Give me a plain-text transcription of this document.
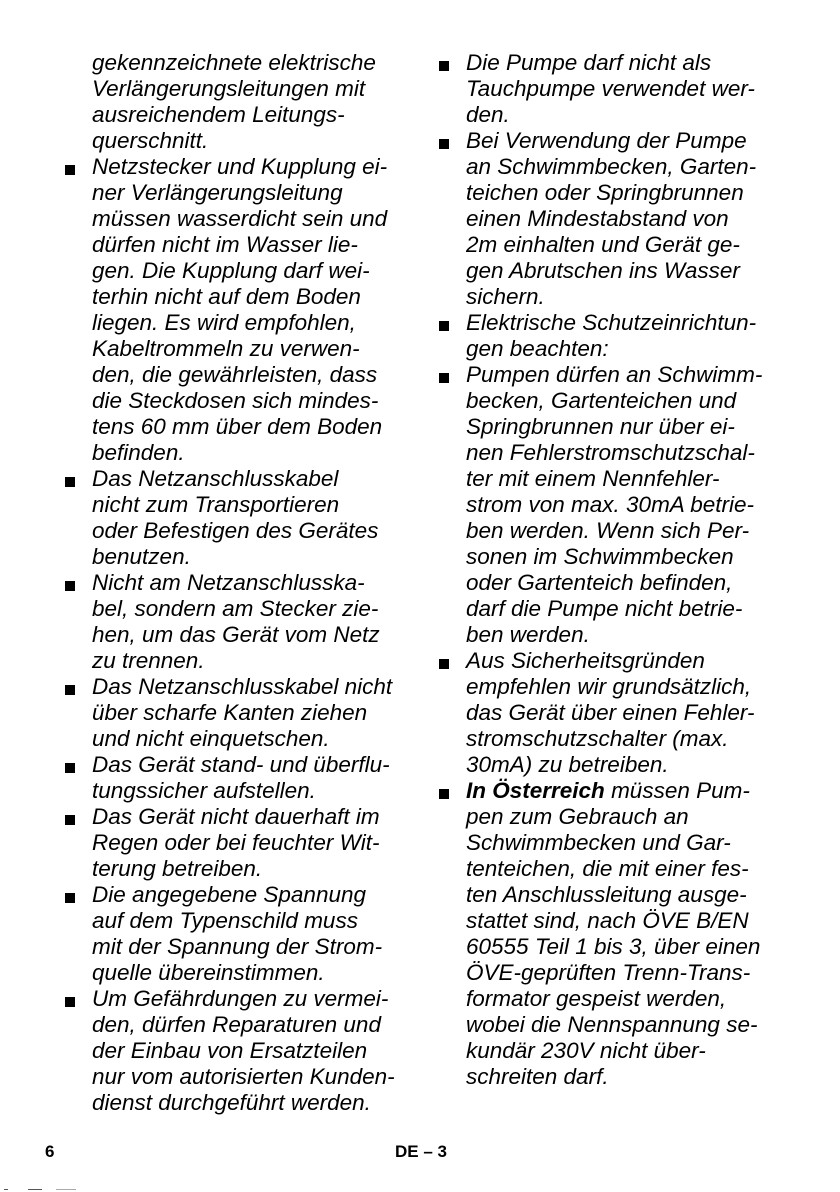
gekennzeichnete elektrische
Verlängerungsleitungen mit
ausreichendem Leitungs-
querschnitt.
Netzstecker und Kupplung ei-
ner Verlängerungsleitung
müssen wasserdicht sein und
dürfen nicht im Wasser lie-
gen. Die Kupplung darf wei-
terhin nicht auf dem Boden
liegen. Es wird empfohlen,
Kabeltrommeln zu verwen-
den, die gewährleisten, dass
die Steckdosen sich mindes-
tens 60 mm über dem Boden
befinden.
Das Netzanschlusskabel
nicht zum Transportieren
oder Befestigen des Gerätes
benutzen.
Nicht am Netzanschlusska-
bel, sondern am Stecker zie-
hen, um das Gerät vom Netz
zu trennen.
Das Netzanschlusskabel nicht
über scharfe Kanten ziehen
und nicht einquetschen.
Das Gerät stand- und überflu-
tungssicher aufstellen.
Das Gerät nicht dauerhaft im
Regen oder bei feuchter Wit-
terung betreiben.
Die angegebene Spannung
auf dem Typenschild muss
mit der Spannung der Strom-
quelle übereinstimmen.
Um Gefährdungen zu vermei-
den, dürfen Reparaturen und
der Einbau von Ersatzteilen
nur vom autorisierten Kunden-
dienst durchgeführt werden.
Die Pumpe darf nicht als
Tauchpumpe verwendet wer-
den.
Bei Verwendung der Pumpe
an Schwimmbecken, Garten-
teichen oder Springbrunnen
einen Mindestabstand von
2m einhalten und Gerät ge-
gen Abrutschen ins Wasser
sichern.
Elektrische Schutzeinrichtun-
gen beachten:
Pumpen dürfen an Schwimm-
becken, Gartenteichen und
Springbrunnen nur über ei-
nen Fehlerstromschutzschal-
ter mit einem Nennfehler-
strom von max. 30mA betrie-
ben werden. Wenn sich Per-
sonen im Schwimmbecken
oder Gartenteich befinden,
darf die Pumpe nicht betrie-
ben werden.
Aus Sicherheitsgründen
empfehlen wir grundsätzlich,
das Gerät über einen Fehler-
stromschutzschalter (max.
30mA) zu betreiben.
In Österreich müssen Pum-
pen zum Gebrauch an
Schwimmbecken und Gar-
tenteichen, die mit einer fes-
ten Anschlussleitung ausge-
stattet sind, nach ÖVE B/EN
60555 Teil 1 bis 3, über einen
ÖVE-geprüften Trenn-Trans-
formator gespeist werden,
wobei die Nennspannung se-
kundär 230V nicht über-
schreiten darf.
6	DE – 3
